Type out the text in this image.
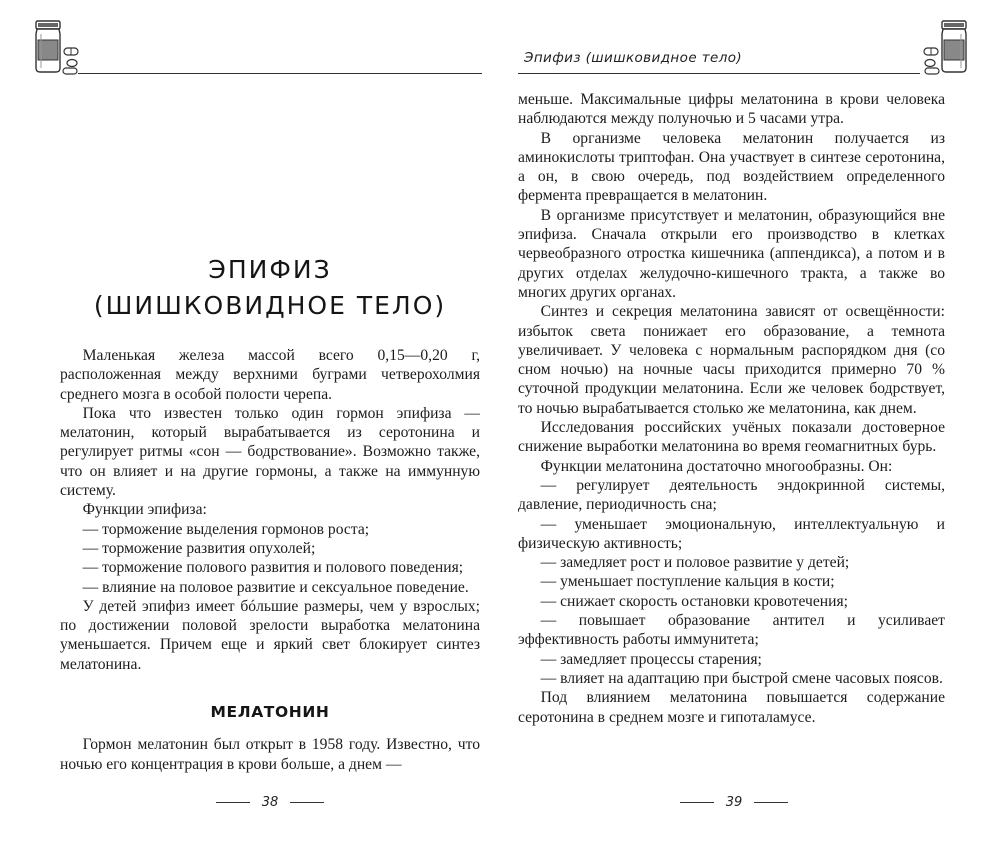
ЭПИФИЗ
(ШИШКОВИДНОЕ ТЕЛО)

Маленькая железа массой всего 0,15—0,20 г, расположенная между верхними буграми четверохолмия среднего мозга в особой полости черепа.

Пока что известен только один гормон эпифиза — мелатонин, который вырабатывается из серотонина и регулирует ритмы «сон — бодрствование». Возможно также, что он влияет и на другие гормоны, а также на иммунную систему.

Функции эпифиза:

— торможение выделения гормонов роста;

— торможение развития опухолей;

— торможение полового развития и полового поведения;

— влияние на половое развитие и сексуальное поведение.

У детей эпифиз имеет бóльшие размеры, чем у взрослых; по достижении половой зрелости выработка мелатонина уменьшается. Причем еще и яркий свет блокирует синтез мелатонина.

МЕЛАТОНИН

Гормон мелатонин был открыт в 1958 году. Известно, что ночью его концентрация в крови больше, а днем —

38
Эпифиз (шишковидное тело)

меньше. Максимальные цифры мелатонина в крови человека наблюдаются между полуночью и 5 часами утра.

В организме человека мелатонин получается из аминокислоты триптофан. Она участвует в синтезе серотонина, а он, в свою очередь, под воздействием определенного фермента превращается в мелатонин.

В организме присутствует и мелатонин, образующийся вне эпифиза. Сначала открыли его производство в клетках червеобразного отростка кишечника (аппендикса), а потом и в других отделах желудочно-кишечного тракта, а также во многих других органах.

Синтез и секреция мелатонина зависят от освещённости: избыток света понижает его образование, а темнота увеличивает. У человека с нормальным распорядком дня (со сном ночью) на ночные часы приходится примерно 70 % суточной продукции мелатонина. Если же человек бодрствует, то ночью вырабатывается столько же мелатонина, как днем.

Исследования российских учёных показали достоверное снижение выработки мелатонина во время геомагнитных бурь.

Функции мелатонина достаточно многообразны. Он:

— регулирует деятельность эндокринной системы, давление, периодичность сна;

— уменьшает эмоциональную, интеллектуальную и физическую активность;

— замедляет рост и половое развитие у детей;

— уменьшает поступление кальция в кости;

— снижает скорость остановки кровотечения;

— повышает образование антител и усиливает эффективность работы иммунитета;

— замедляет процессы старения;

— влияет на адаптацию при быстрой смене часовых поясов.

Под влиянием мелатонина повышается содержание серотонина в среднем мозге и гипоталамусе.

39
